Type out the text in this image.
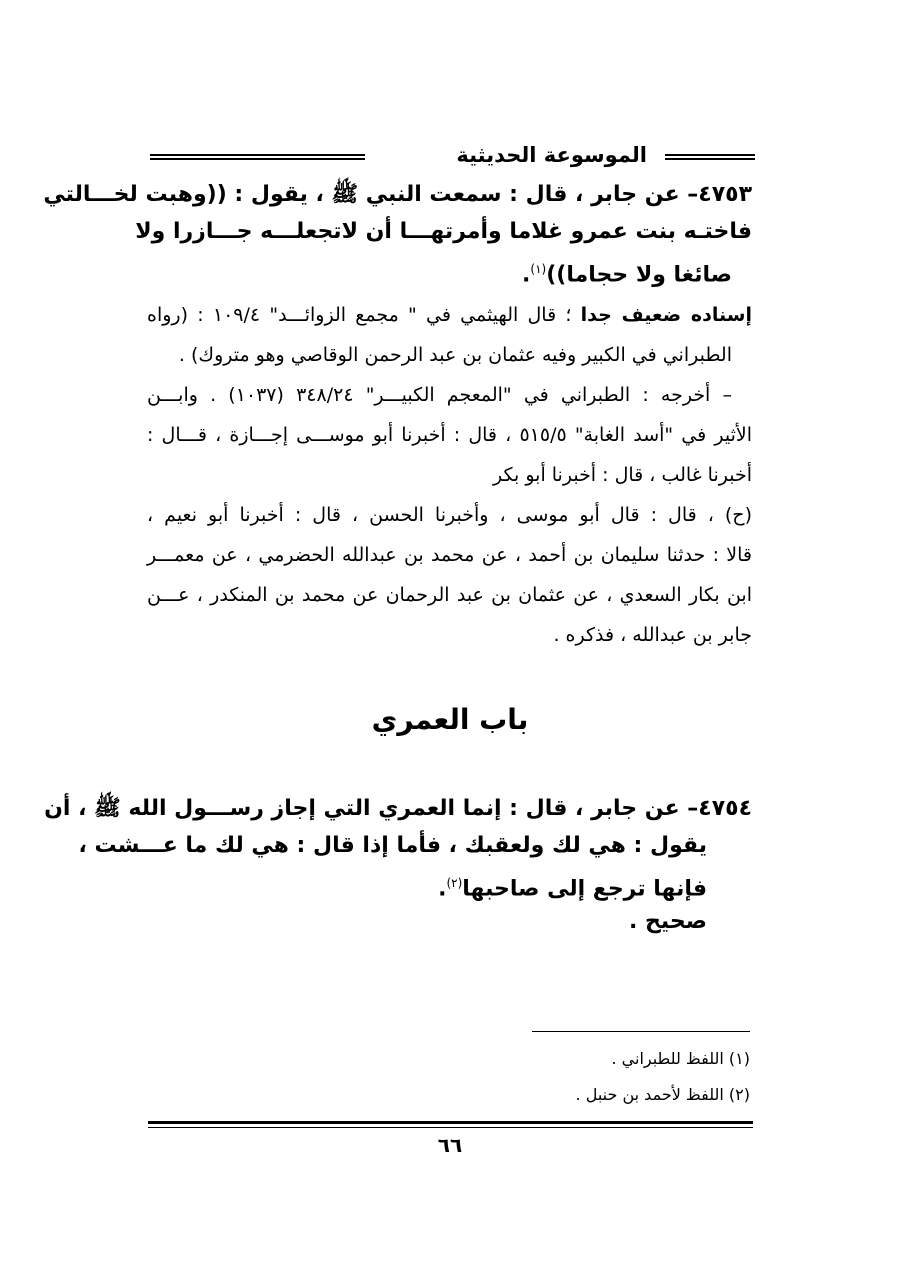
الموسوعة الحديثية
٤٧٥٣– عن جابر ، قال : سمعت النبي ﷺ ، يقول : ((وهبت لخـــالتي
فاختـه بنت عمرو غلاما وأمرتهـــا أن لاتجعلـــه جـــازرا ولا
صائغا ولا حجاما))$^{(١)}$.
إسناده ضعيف جدا ؛ قال الهيثمي في " مجمع الزوائـــد" ١٠٩/٤ : (رواه
الطبراني في الكبير وفيه عثمان بن عبد الرحمن الوقاصي وهو متروك) .
– أخرجه : الطبراني في "المعجم الكبيـــر" ٣٤٨/٢٤ (١٠٣٧) . وابـــن
الأثير في "أسد الغابة" ٥١٥/٥ ، قال : أخبرنا أبو موســـى إجـــازة ، قـــال :
أخبرنا غالب ، قال : أخبرنا أبو بكر
(ح) ، قال : قال أبو موسى ، وأخبرنا الحسن ، قال : أخبرنا أبو نعيم ،
قالا : حدثنا سليمان بن أحمد ، عن محمد بن عبدالله الحضرمي ، عن معمـــر
ابن بكار السعدي ، عن عثمان بن عبد الرحمان عن محمد بن المنكدر ، عـــن
جابر بن عبدالله ، فذكره .
باب العمري
٤٧٥٤– عن جابر ، قال : إنما العمري التي إجاز رســـول الله ﷺ ، أن
يقول : هي لك ولعقبك ، فأما إذا قال : هي لك ما عـــشت ،
فإنها ترجع إلى صاحبها$^{(٢)}$.
صحيح .
(١) اللفظ للطبراني .
(٢) اللفظ لأحمد بن حنبل .
٦٦
